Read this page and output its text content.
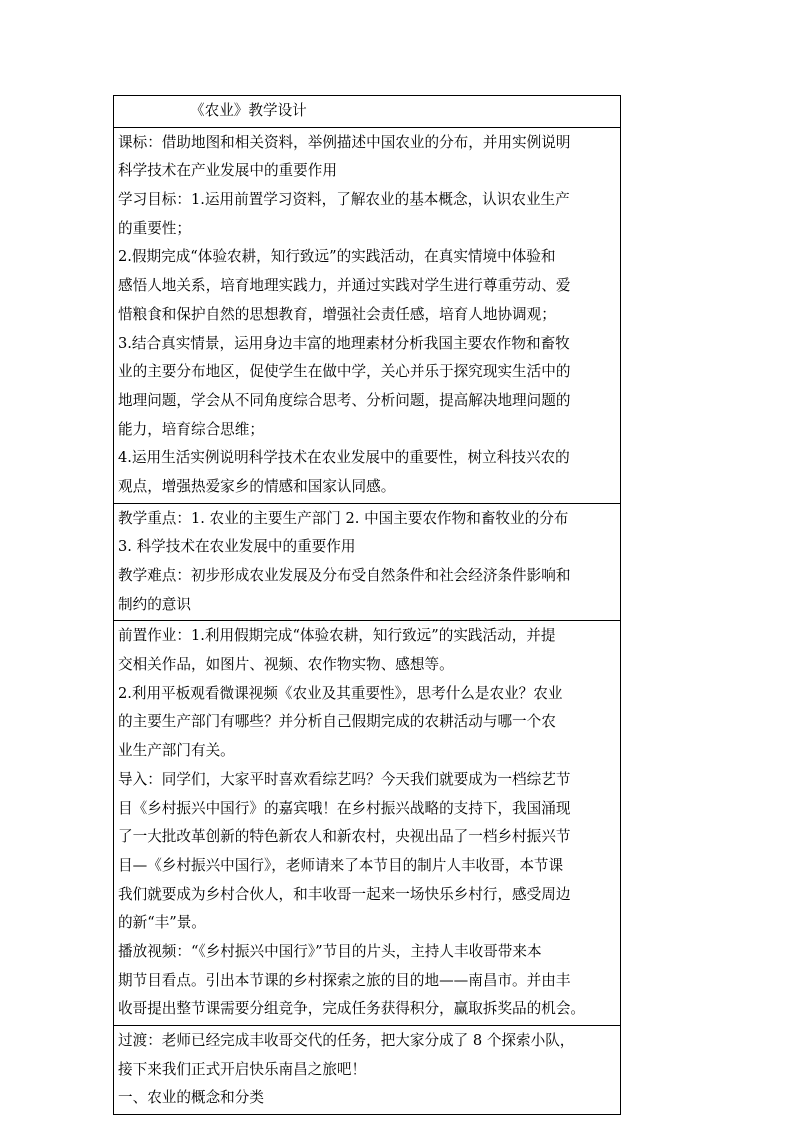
《农业》教学设计
课标：借助地图和相关资料，举例描述中国农业的分布，并用实例说明
科学技术在产业发展中的重要作用
学习目标：1.运用前置学习资料，了解农业的基本概念，认识农业生产
的重要性；
2.假期完成“体验农耕，知行致远”的实践活动，在真实情境中体验和
感悟人地关系，培育地理实践力，并通过实践对学生进行尊重劳动、爱
惜粮食和保护自然的思想教育，增强社会责任感，培育人地协调观；
3.结合真实情景，运用身边丰富的地理素材分析我国主要农作物和畜牧
业的主要分布地区，促使学生在做中学，关心并乐于探究现实生活中的
地理问题，学会从不同角度综合思考、分析问题，提高解决地理问题的
能力，培育综合思维；
4.运用生活实例说明科学技术在农业发展中的重要性，树立科技兴农的
观点，增强热爱家乡的情感和国家认同感。
教学重点：1. 农业的主要生产部门 2. 中国主要农作物和畜牧业的分布
3. 科学技术在农业发展中的重要作用
教学难点：初步形成农业发展及分布受自然条件和社会经济条件影响和
制约的意识
前置作业：1.利用假期完成“体验农耕，知行致远”的实践活动，并提
交相关作品，如图片、视频、农作物实物、感想等。
2.利用平板观看微课视频《农业及其重要性》，思考什么是农业？农业
的主要生产部门有哪些？并分析自己假期完成的农耕活动与哪一个农
业生产部门有关。
导入：同学们，大家平时喜欢看综艺吗？今天我们就要成为一档综艺节
目《乡村振兴中国行》的嘉宾哦！在乡村振兴战略的支持下，我国涌现
了一大批改革创新的特色新农人和新农村，央视出品了一档乡村振兴节
目—《乡村振兴中国行》，老师请来了本节目的制片人丰收哥，本节课
我们就要成为乡村合伙人，和丰收哥一起来一场快乐乡村行，感受周边
的新“丰”景。
播放视频：“《乡村振兴中国行》”节目的片头，主持人丰收哥带来本
期节目看点。引出本节课的乡村探索之旅的目的地——南昌市。并由丰
收哥提出整节课需要分组竞争，完成任务获得积分，赢取拆奖品的机会。
过渡：老师已经完成丰收哥交代的任务，把大家分成了 8 个探索小队，
接下来我们正式开启快乐南昌之旅吧！
一、农业的概念和分类
